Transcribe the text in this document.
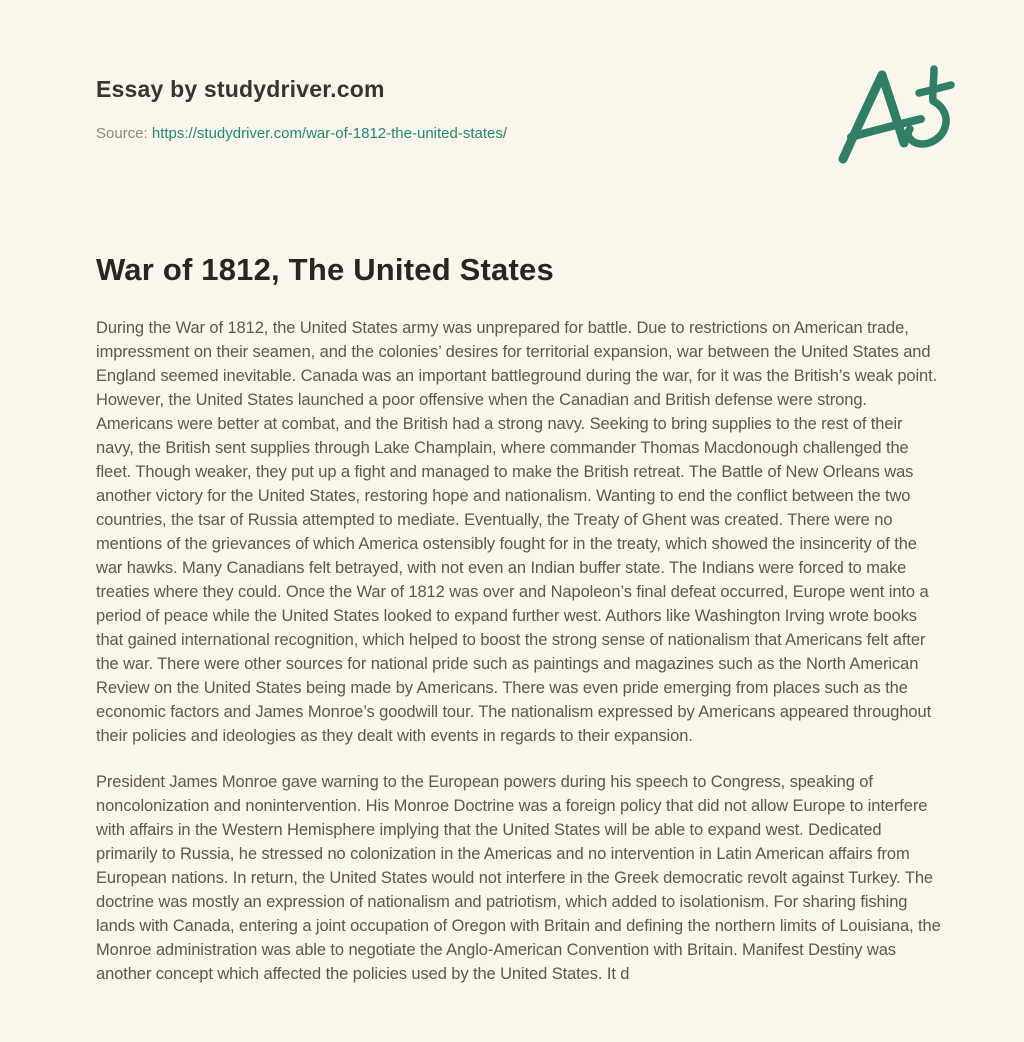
Essay by studydriver.com
Source: https://studydriver.com/war-of-1812-the-united-states/
War of 1812, The United States

During the War of 1812, the United States army was unprepared for battle. Due to restrictions on American trade, impressment on their seamen, and the colonies’ desires for territorial expansion, war between the United States and England seemed inevitable. Canada was an important battleground during the war, for it was the British’s weak point. However, the United States launched a poor offensive when the Canadian and British defense were strong. Americans were better at combat, and the British had a strong navy. Seeking to bring supplies to the rest of their navy, the British sent supplies through Lake Champlain, where commander Thomas Macdonough challenged the fleet. Though weaker, they put up a fight and managed to make the British retreat. The Battle of New Orleans was another victory for the United States, restoring hope and nationalism. Wanting to end the conflict between the two countries, the tsar of Russia attempted to mediate. Eventually, the Treaty of Ghent was created. There were no mentions of the grievances of which America ostensibly fought for in the treaty, which showed the insincerity of the war hawks. Many Canadians felt betrayed, with not even an Indian buffer state. The Indians were forced to make treaties where they could. Once the War of 1812 was over and Napoleon’s final defeat occurred, Europe went into a period of peace while the United States looked to expand further west. Authors like Washington Irving wrote books that gained international recognition, which helped to boost the strong sense of nationalism that Americans felt after the war. There were other sources for national pride such as paintings and magazines such as the North American Review on the United States being made by Americans. There was even pride emerging from places such as the economic factors and James Monroe’s goodwill tour. The nationalism expressed by Americans appeared throughout their policies and ideologies as they dealt with events in regards to their expansion.

President James Monroe gave warning to the European powers during his speech to Congress, speaking of noncolonization and nonintervention. His Monroe Doctrine was a foreign policy that did not allow Europe to interfere with affairs in the Western Hemisphere implying that the United States will be able to expand west. Dedicated primarily to Russia, he stressed no colonization in the Americas and no intervention in Latin American affairs from European nations. In return, the United States would not interfere in the Greek democratic revolt against Turkey. The doctrine was mostly an expression of nationalism and patriotism, which added to isolationism. For sharing fishing lands with Canada, entering a joint occupation of Oregon with Britain and defining the northern limits of Louisiana, the Monroe administration was able to negotiate the Anglo-American Convention with Britain. Manifest Destiny was another concept which affected the policies used by the United States. It d
